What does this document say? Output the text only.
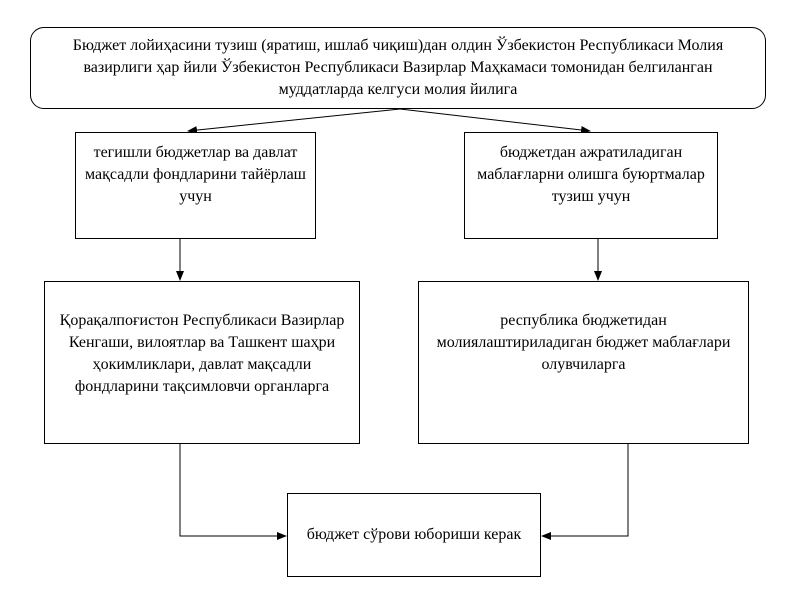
Бюджет лойиҳасини тузиш (яратиш, ишлаб чиқиш)дан олдин Ўзбекистон Республикаси Молия вазирлиги ҳар йили Ўзбекистон Республикаси Вазирлар Маҳкамаси томонидан белгиланган муддатларда келгуси молия йилига
тегишли бюджетлар ва давлат мақсадли фондларини тайёрлаш учун
бюджетдан ажратиладиган маблағларни олишга буюртмалар тузиш учун
Қорақалпоғистон Республикаси Вазирлар Кенгаши, вилоятлар ва Ташкент шаҳри ҳокимликлари, давлат мақсадли фондларини тақсимловчи органларга
республика бюджетидан молиялаштириладиган бюджет маблағлари олувчиларга
бюджет сўрови юбориши керак
